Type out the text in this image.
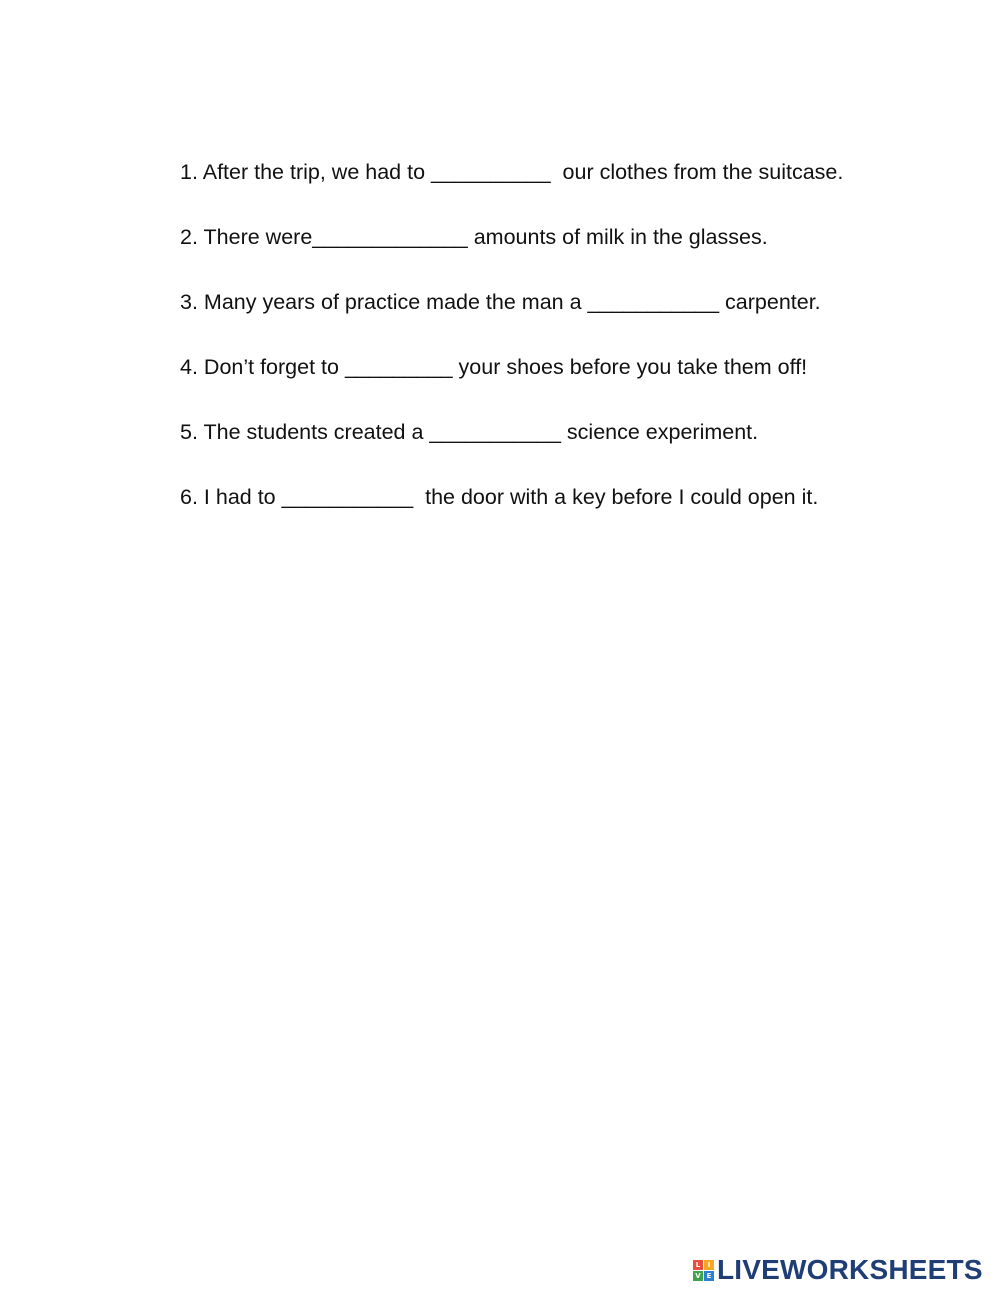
1. After the trip, we had to __________  our clothes from the suitcase.
2. There were_____________ amounts of milk in the glasses.
3. Many years of practice made the man a ___________ carpenter.
4. Don’t forget to _________ your shoes before you take them off!
5. The students created a ___________ science experiment.
6. I had to ___________  the door with a key before I could open it.
L	I
V E LIVEWORKSHEETS
